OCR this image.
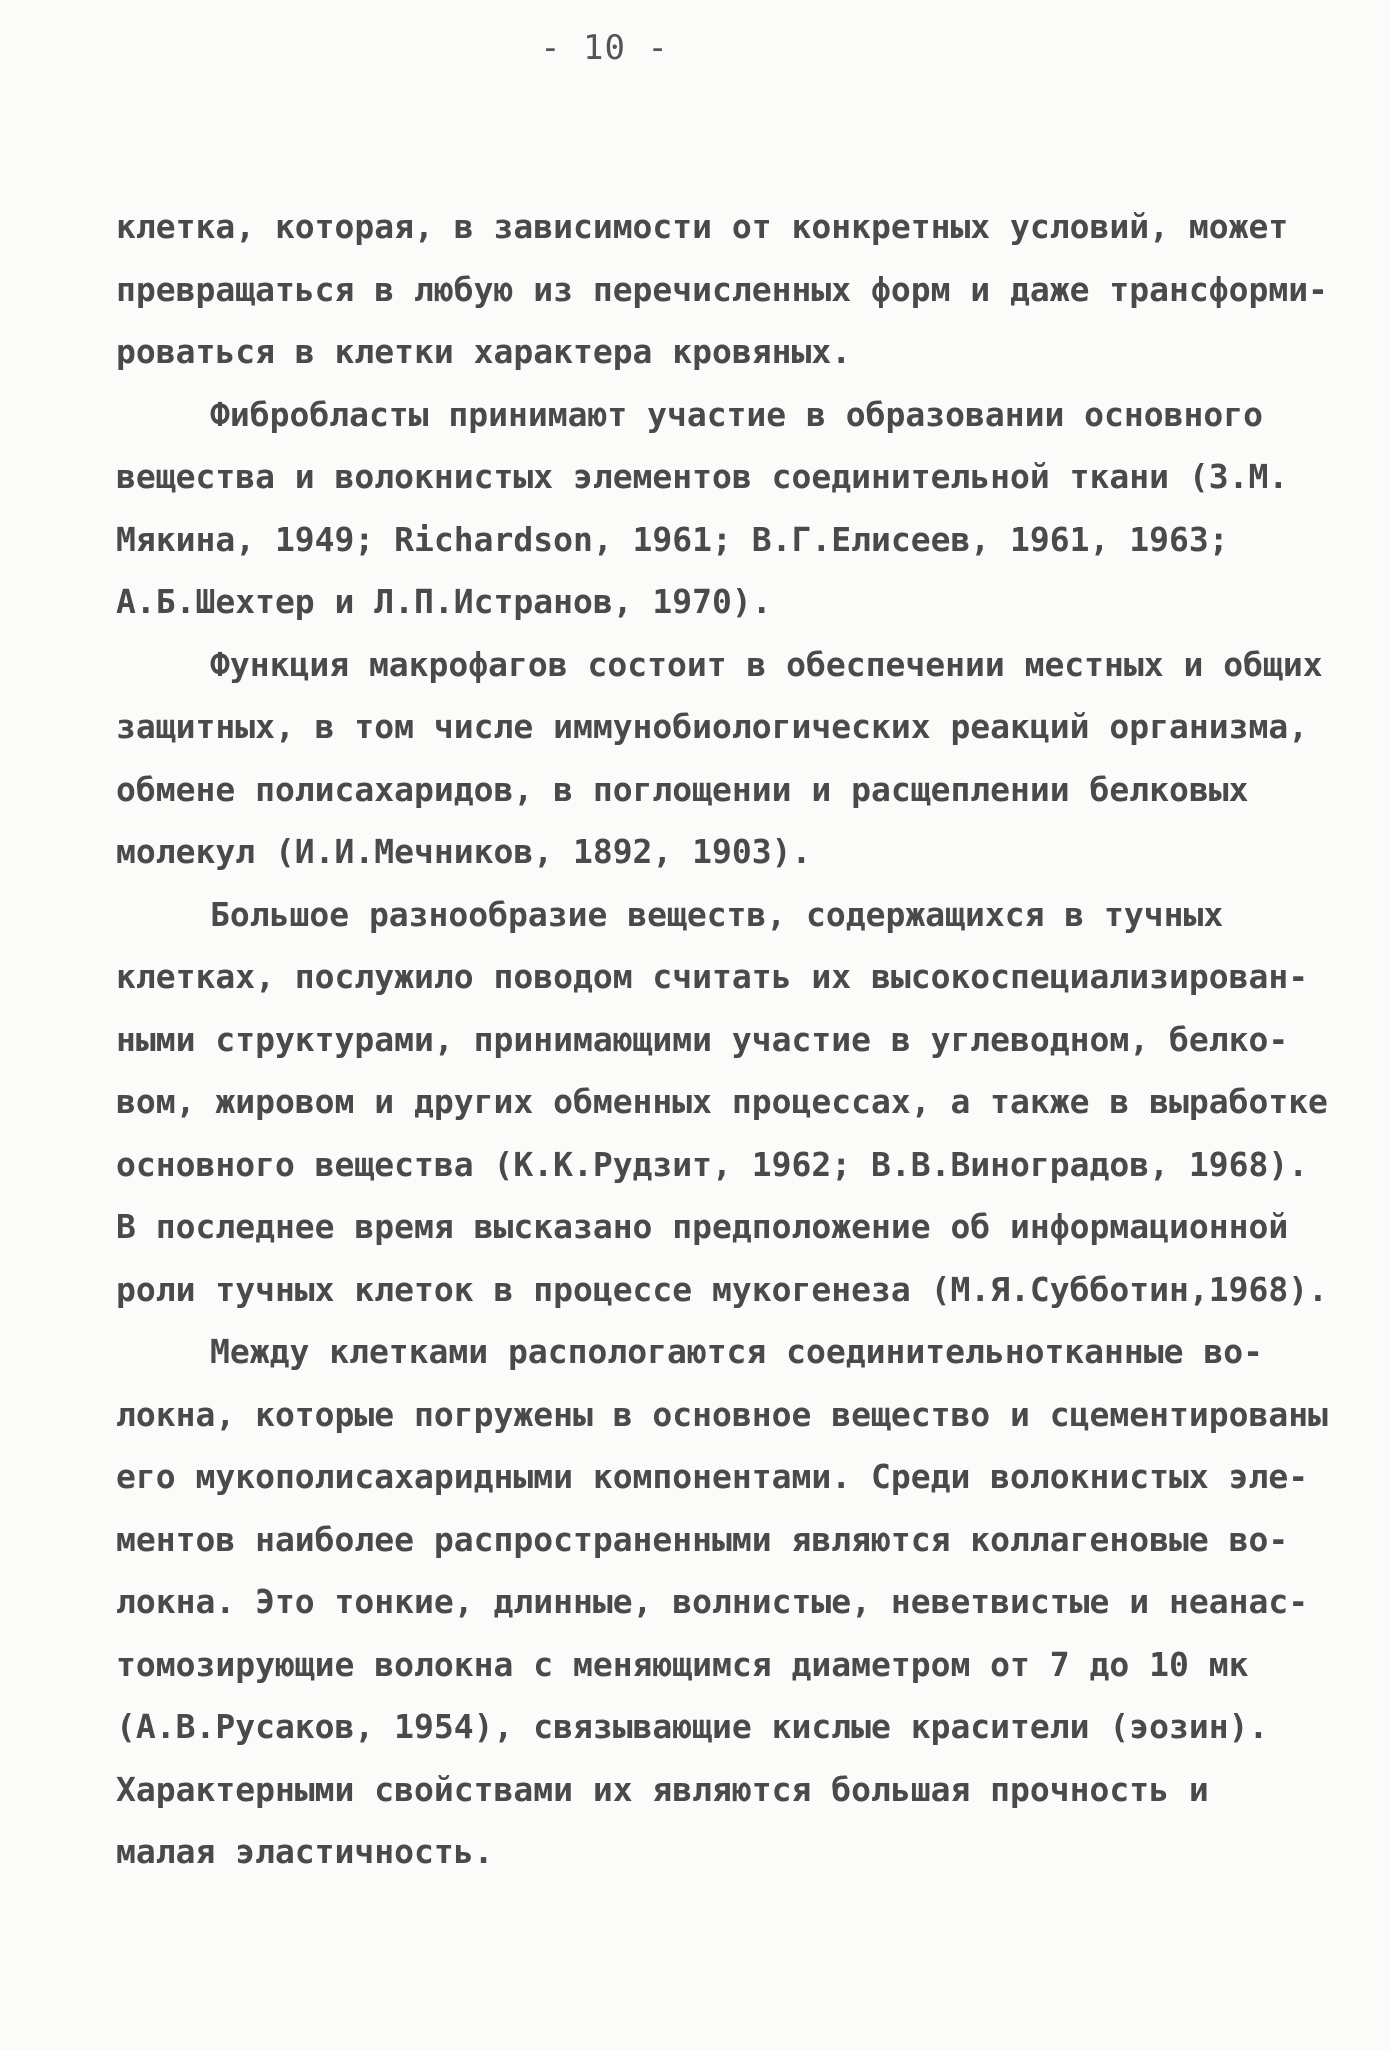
- 10 -
клетка, которая, в зависимости от конкретных условий, может
превращаться в любую из перечисленных форм и даже трансформи-
роваться в клетки характера кровяных.
Фибробласты принимают участие в образовании основного
вещества и волокнистых элементов соединительной ткани (З.М.
Мякина, 1949; Richardson, 1961; В.Г.Елисеев, 1961, 1963;
А.Б.Шехтер и Л.П.Истранов, 1970).
Функция макрофагов состоит в обеспечении местных и общих
защитных, в том числе иммунобиологических реакций организма,
обмене полисахаридов, в поглощении и расщеплении белковых
молекул (И.И.Мечников, 1892, 1903).
Большое разнообразие веществ, содержащихся в тучных
клетках, послужило поводом считать их высокоспециализирован-
ными структурами, принимающими участие в углеводном, белко-
вом, жировом и других обменных процессах, а также в выработке
основного вещества (К.К.Рудзит, 1962; В.В.Виноградов, 1968).
В последнее время высказано предположение об информационной
роли тучных клеток в процессе мукогенеза (М.Я.Субботин,1968).
Между клетками распологаются соединительнотканные во-
локна, которые погружены в основное вещество и сцементированы
его мукополисахаридными компонентами. Среди волокнистых эле-
ментов наиболее распространенными являются коллагеновые во-
локна. Это тонкие, длинные, волнистые, неветвистые и неанас-
томозирующие волокна с меняющимся диаметром от 7 до 10 мк
(А.В.Русаков, 1954), связывающие кислые красители (эозин).
Характерными свойствами их являются большая прочность и
малая эластичность.
